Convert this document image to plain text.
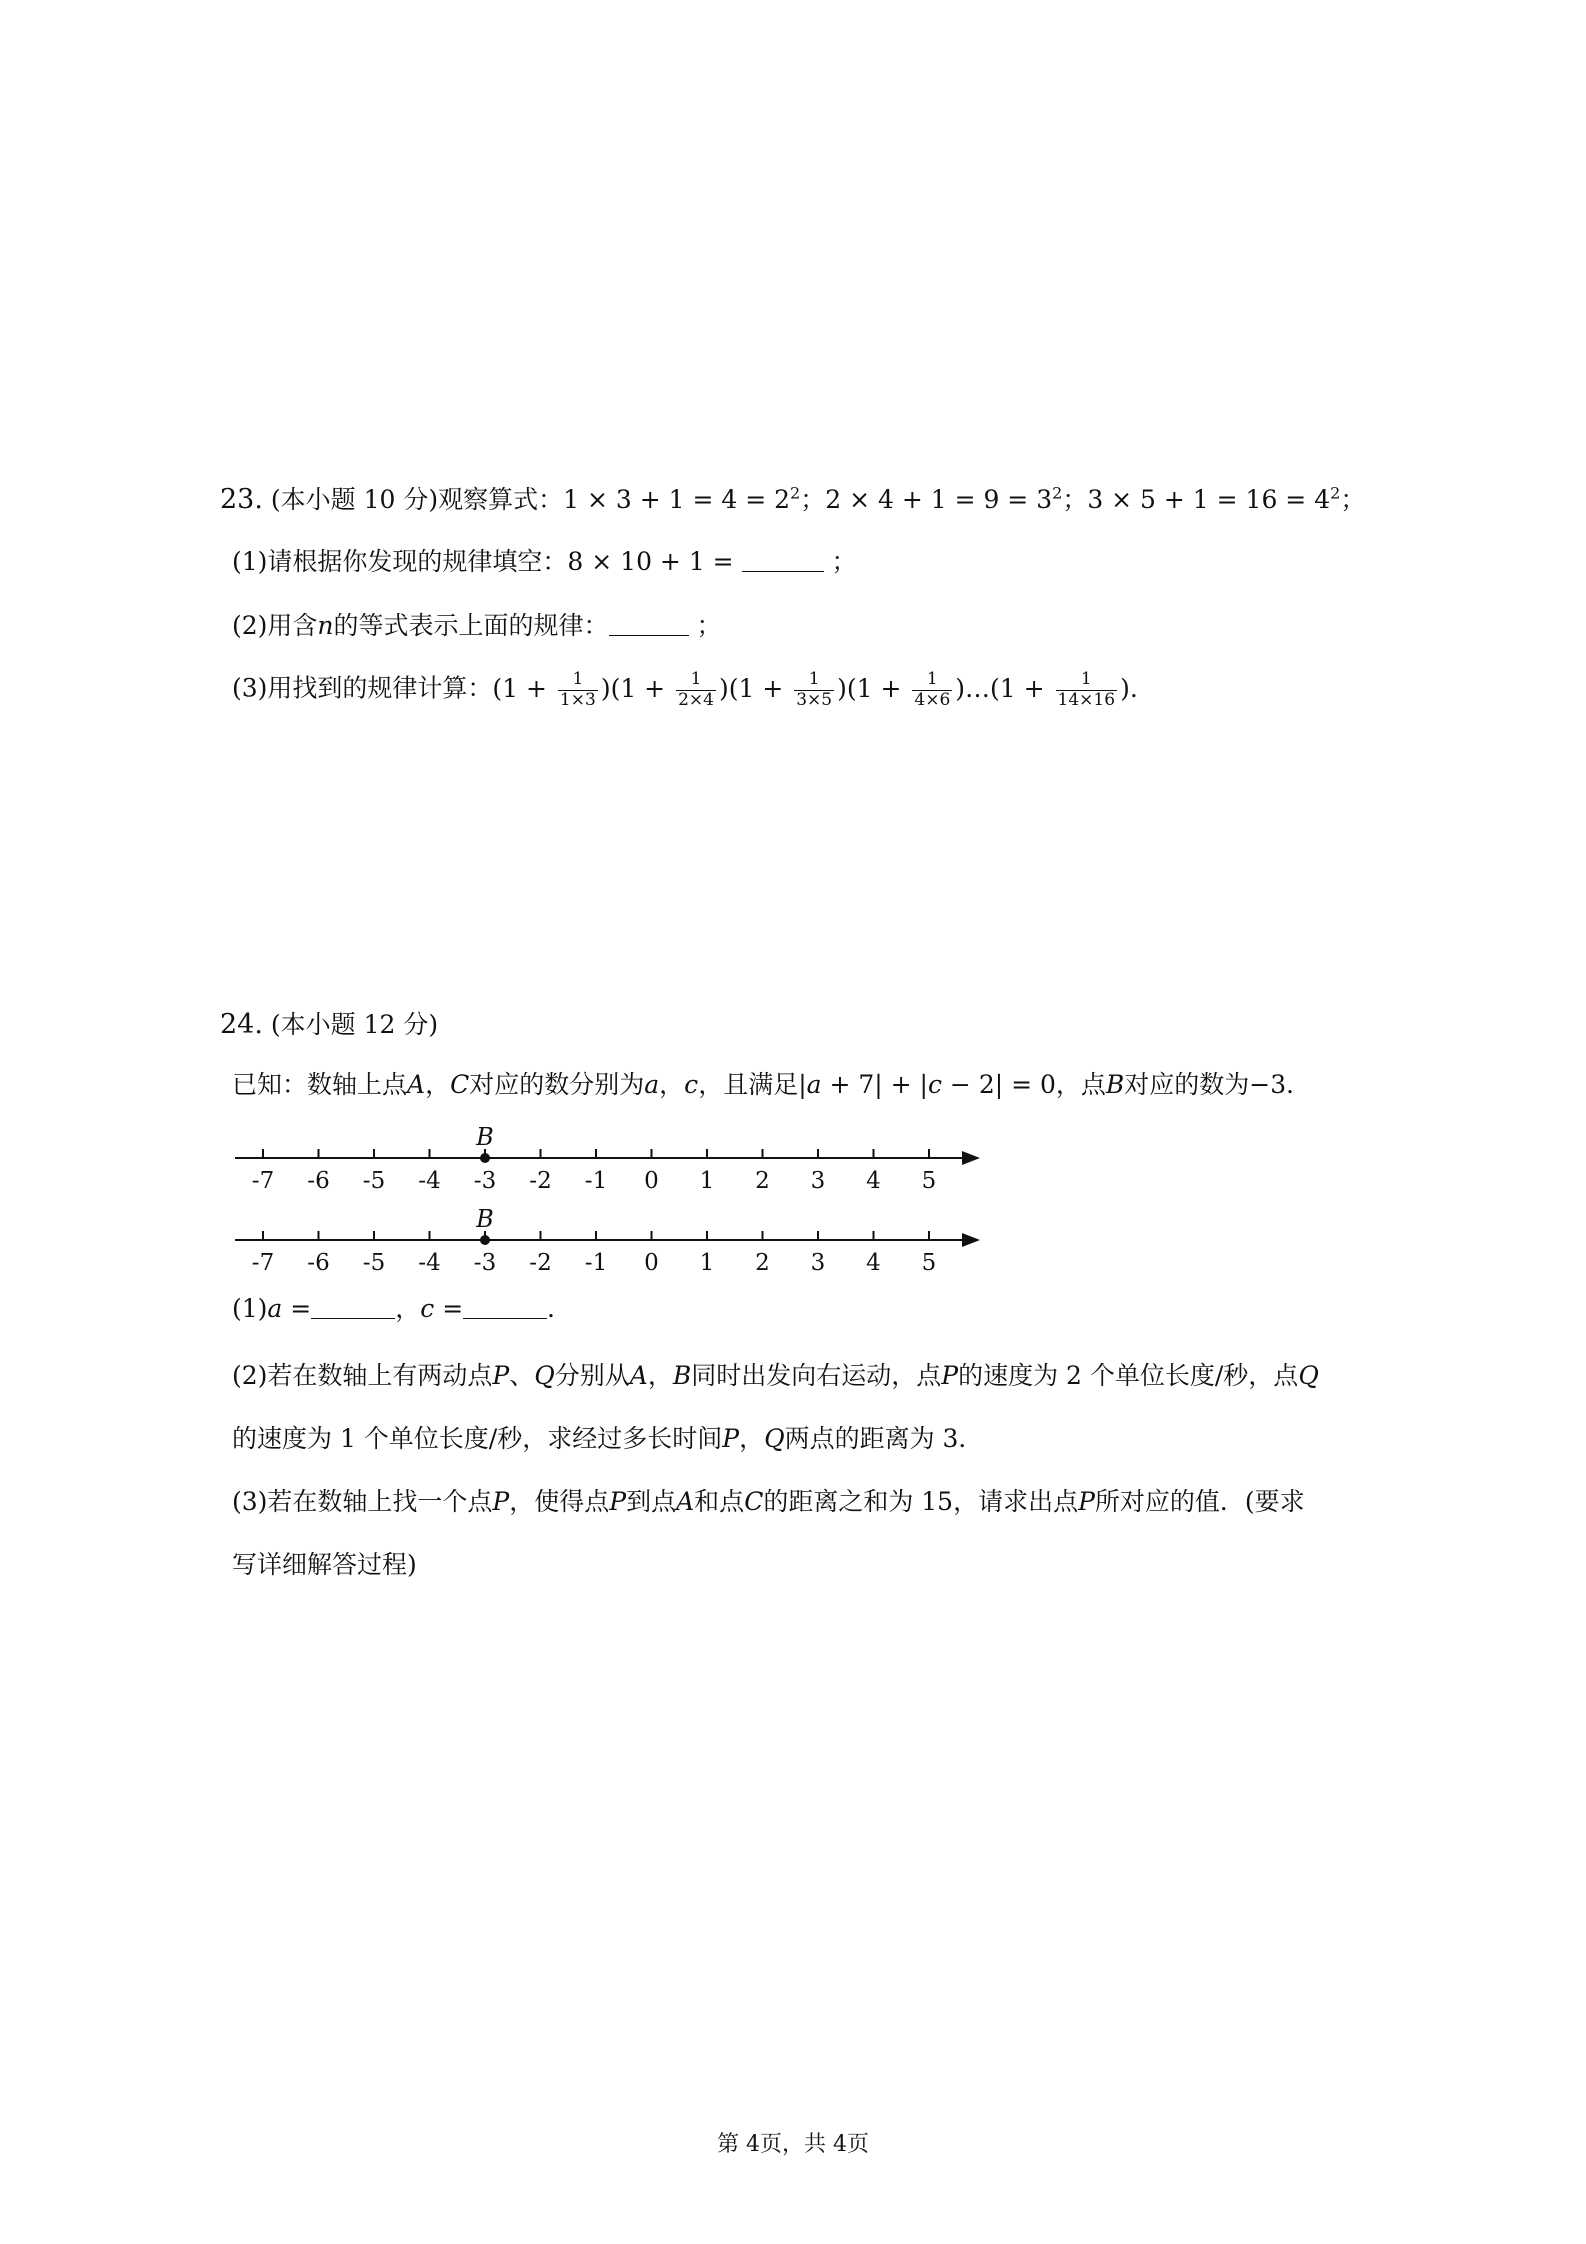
23. (本小题 10 分)观察算式：$1 \times 3 + 1 = 4 = 2^2$；$2 \times 4 + 1 = 9 = 3^2$；$3 \times 5 + 1 = 16 = 4^2$；
(1)请根据你发现的规律填空：8 × 10 + 1 =	；
(2)用含n的等式表示上面的规律：	；
(3)用找到的规律计算：$(1 + \frac{1}{1\times 3} )(1 + \frac{1}{2\times 4} )(1 + \frac{1}{3\times 5} )(1 + \frac{1}{4\times 6}$ )…(1 + $\frac{1}{14\times 16}$ ).
24. (本小题 12 分)
已知：数轴上点A，C对应的数分别为a，c，且满足|a + 7| + |c − 2| = 0，点B对应的数为−3．
-7 -6 -5 -4 -3 -2 -1 0 1 2 3 4 5
B
-7 -6 -5 -4 -3 -2 -1 0 1 2 3 4 5
B
(1)a =	，c =	．
(2)若在数轴上有两动点P、Q分别从A，B同时出发向右运动，点P的速度为 2 个单位长度/秒，点Q
的速度为 1 个单位长度/秒，求经过多长时间P，Q两点的距离为 3．
(3)若在数轴上找一个点P，使得点P到点A和点C的距离之和为 15，请求出点P所对应的值．(要求
写详细解答过程)
第 4页，共 4页
